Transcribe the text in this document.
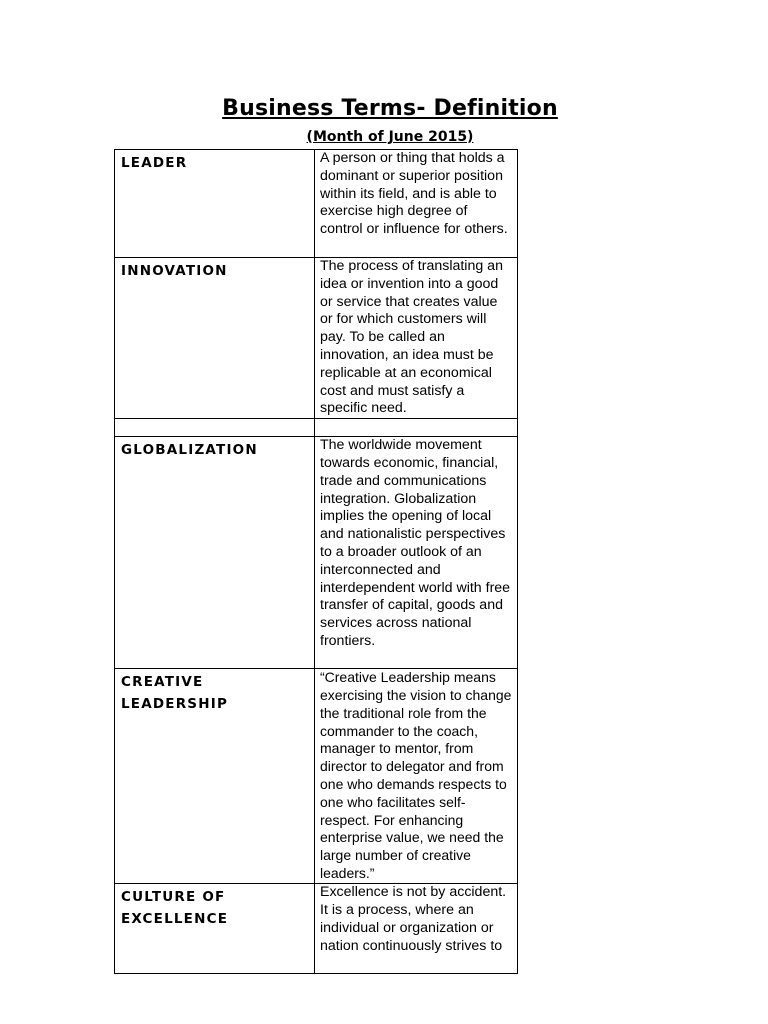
Business Terms- Definition
(Month of June 2015)
LEADER	A person or thing that holds a dominant or superior position within its field, and is able to exercise high degree of control or influence for others.

INNOVATION	The process of translating an idea or invention into a good or service that creates value or for which customers will pay. To be called an innovation, an idea must be replicable at an economical cost and must satisfy a specific need.

GLOBALIZATION	The worldwide movement towards economic, financial, trade and communications integration. Globalization implies the opening of local and nationalistic perspectives to a broader outlook of an interconnected and interdependent world with free transfer of capital, goods and services across national frontiers.

CREATIVE
LEADERSHIP	“Creative Leadership means exercising the vision to change the traditional role from the commander to the coach, manager to mentor, from director to delegator and from one who demands respects to one who facilitates self- respect. For enhancing enterprise value, we need the large number of creative leaders.”

CULTURE OF
EXCELLENCE	Excellence is not by accident. It is a process, where an individual or organization or nation continuously strives to
